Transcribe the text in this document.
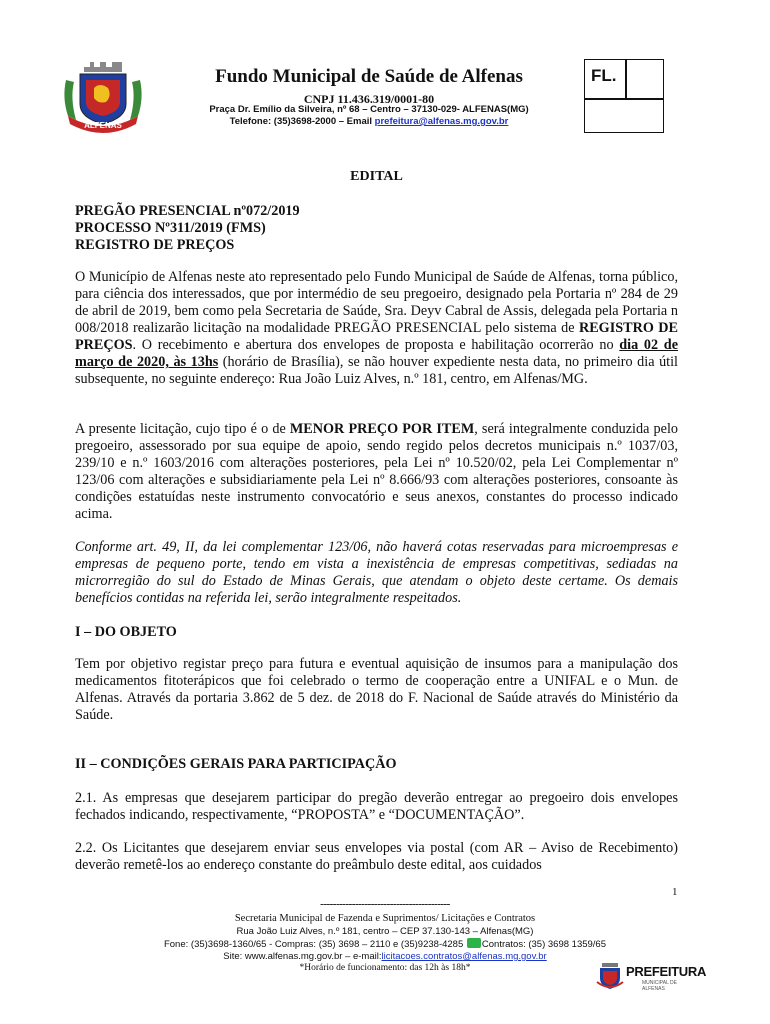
ALFENAS
Fundo Municipal de Saúde de Alfenas
CNPJ 11.436.319/0001-80
Praça Dr. Emílio da Silveira, nº 68 – Centro – 37130-029- ALFENAS(MG)
Telefone: (35)3698-2000 – Email prefeitura@alfenas.mg.gov.br
FL.
EDITAL
PREGÃO PRESENCIAL nº072/2019
PROCESSO Nº311/2019 (FMS)
REGISTRO DE PREÇOS

O Município de Alfenas neste ato representado pelo Fundo Municipal de Saúde de Alfenas, torna público, para ciência dos interessados, que por intermédio de seu pregoeiro, designado pela Portaria nº 284 de 29 de abril de 2019, bem como pela Secretaria de Saúde, Sra. Deyv Cabral de Assis, delegada pela Portaria n 008/2018 realizarão licitação na modalidade PREGÃO PRESENCIAL pelo sistema de REGISTRO DE PREÇOS. O recebimento e abertura dos envelopes de proposta e habilitação ocorrerão no dia 02 de março de 2020, às 13hs (horário de Brasília), se não houver expediente nesta data, no primeiro dia útil subsequente, no seguinte endereço: Rua João Luiz Alves, n.º 181, centro, em Alfenas/MG.

A presente licitação, cujo tipo é o de MENOR PREÇO POR ITEM, será integralmente conduzida pelo pregoeiro, assessorado por sua equipe de apoio, sendo regido pelos decretos municipais n.º 1037/03, 239/10 e n.º 1603/2016 com alterações posteriores, pela Lei nº 10.520/02, pela Lei Complementar nº 123/06 com alterações e subsidiariamente pela Lei nº 8.666/93 com alterações posteriores, consoante às condições estatuídas neste instrumento convocatório e seus anexos, constantes do processo indicado acima.

Conforme art. 49, II, da lei complementar 123/06, não haverá cotas reservadas para microempresas e empresas de pequeno porte, tendo em vista a inexistência de empresas competitivas, sediadas na microrregião do sul do Estado de Minas Gerais, que atendam o objeto deste certame. Os demais benefícios contidas na referida lei, serão integralmente respeitados.

I – DO OBJETO

Tem por objetivo registar preço para futura e eventual aquisição de insumos para a manipulação dos medicamentos fitoterápicos que foi celebrado o termo de cooperação entre a UNIFAL e o Mun. de Alfenas. Através da portaria 3.862 de 5 dez. de 2018 do F. Nacional de Saúde através do Ministério da Saúde.

II – CONDIÇÕES GERAIS PARA PARTICIPAÇÃO

2.1. As empresas que desejarem participar do pregão deverão entregar ao pregoeiro dois envelopes fechados indicando, respectivamente, “PROPOSTA” e “DOCUMENTAÇÃO”.

2.2. Os Licitantes que desejarem enviar seus envelopes via postal (com AR – Aviso de Recebimento) deverão remetê-los ao endereço constante do preâmbulo deste edital, aos cuidados

1
-----------------------------------------
Secretaria Municipal de Fazenda e Suprimentos/ Licitações e Contratos
Rua João Luiz Alves, n.º 181, centro – CEP 37.130-143 – Alfenas(MG)
Fone: (35)3698-1360/65 - Compras: (35) 3698 – 2110 e (35)9238-4285 Contratos: (35) 3698 1359/65
Site: www.alfenas.mg.gov.br – e-mail:licitacoes.contratos@alfenas.mg.gov.br
*Horário de funcionamento: das 12h às 18h*	PREFEITURA
MUNICIPAL DE ALFENAS
